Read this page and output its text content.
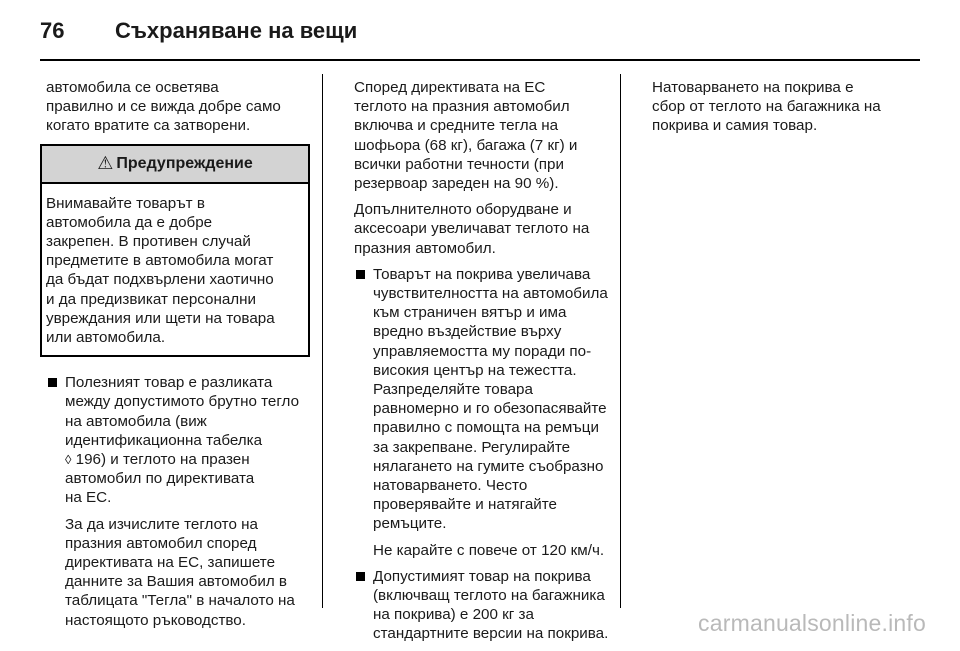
76 Съхраняване на вещи

автомобила се осветява
правилно и се вижда добре само
когато вратите са затворени.

⚠ Предупреждение
Внимавайте товарът в
автомобила да е добре
закрепен. В противен случай
предметите в автомобила могат
да бъдат подхвърлени хаотично
и да предизвикат персонални
увреждания или щети на товара
или автомобила.
Полезният товар е разликата
между допустимото брутно тегло
на автомобила (виж
идентификационна табелка
◊ 196) и теглото на празен
автомобил по директивата
на ЕС.
За да изчислите теглото на
празния автомобил според
директивата на ЕС, запишете
данните за Вашия автомобил в
таблицата "Тегла" в началото на
настоящото ръководство.

Според директивата на ЕС
теглото на празния автомобил
включва и средните тегла на
шофьора (68 кг), багажа (7 кг) и
всички работни течности (при
резервоар зареден на 90 %).

Допълнителното оборудване и
аксесоари увеличават теглото на
празния автомобил.

Товарът на покрива увеличава
чувствителността на автомобила
към страничен вятър и има
вредно въздействие върху
управляемостта му поради по-
високия център на тежестта.
Разпределяйте товара
равномерно и го обезопасявайте
правилно с помощта на ремъци
за закрепване. Регулирайте
нялагането на гумите съобразно
натоварването. Често
проверявайте и натягайте
ремъците.
Не карайте с повече от 120 км/ч.
Допустимият товар на покрива
(включващ теглото на багажника
на покрива) е 200 кг за
стандартните версии на покрива.

Натоварването на покрива е
сбор от теглото на багажника на
покрива и самия товар.

carmanualsonline.info
